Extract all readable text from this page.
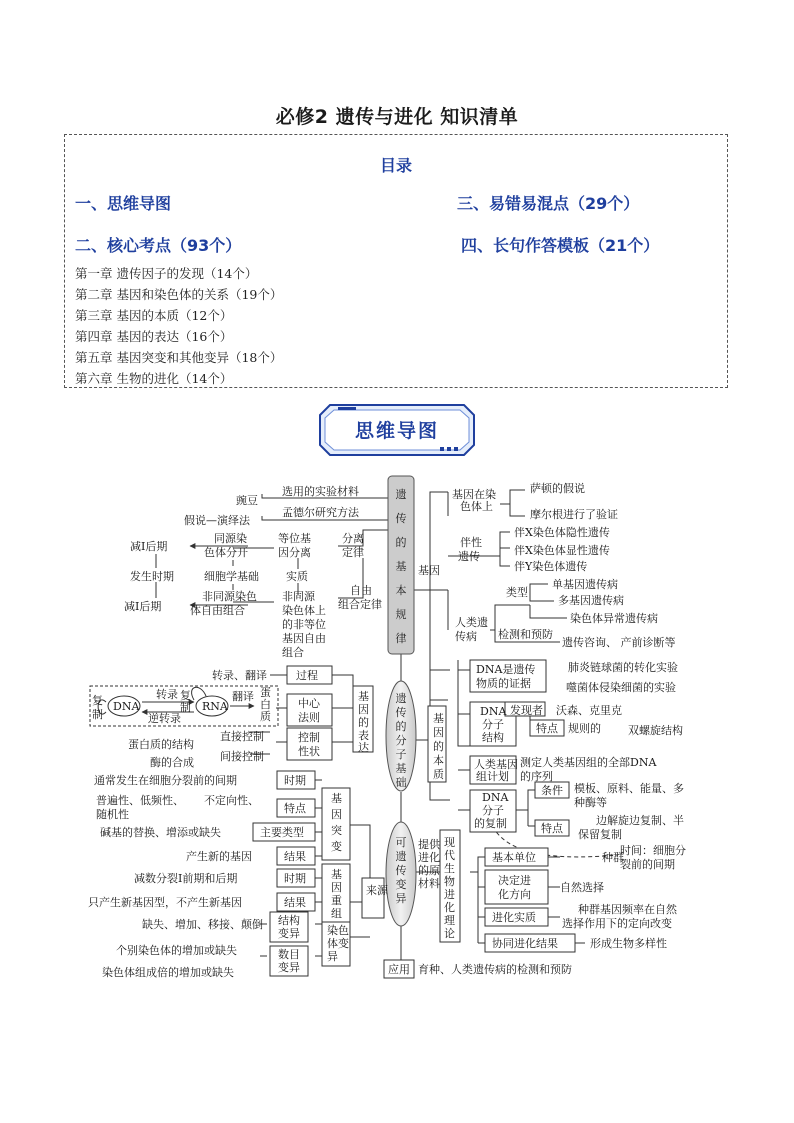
必修2 遗传与进化 知识清单
目录
一、思维导图
二、核心考点（93个）
三、易错易混点（29个）
四、长句作答模板（21个）
第一章 遗传因子的发现（14个）
第二章 基因和染色体的关系（19个）
第三章 基因的本质（12个）
第四章 基因的表达（16个）
第五章 基因突变和其他变异（18个）
第六章 生物的进化（14个）
思维导图
遗
传
的
基
本
规
律
遗
传
的
分
子
基
础
可
遗
传
变
异
选用的实验材料
豌豆
孟德尔研究方法
假说—演绎法
分离
定律
自由
组合定律
等位基
因分离
同源染
色体分开
细胞学基础 实质
非同源染色
体自由组合
非同源
染色体上
的非等位
基因自由
组合
减Ⅰ后期
发生时期
减Ⅰ后期
基因
基因在染
色体上
萨顿的假说
摩尔根进行了验证
伴性
遗传
伴X染色体隐性遗传
伴X染色体显性遗传
伴Y染色体遗传
人类遗
传病
类型
单基因遗传病
多基因遗传病
染色体异常遗传病
检测和预防
遗传咨询、 产前诊断等
过程
转录、翻译
中心
法则
控制
性状
基
因
的
表
达
复
制
DNA
转录
逆转录
复
制 RNA
翻译 蛋
白
质
直接控制
间接控制
蛋白质的结构
酶的合成
基
因
的
本
质
DNA是遗传
物质的证据
肺炎链球菌的转化实验
噬菌体侵染细菌的实验
DNA
分子
结构
发现者 沃森、克里克
特点 规则的 双螺旋结构
人类基因
组计划
测定人类基因组的全部DNA
的序列
DNA
分子
的复制
条件 模板、原料、能量、多
种酶等
特点
边解旋边复制、半
保留复制
时间：细胞分
裂前的间期
基
因
突
变
时期
通常发生在细胞分裂前的间期
特点
普遍性、低频性、
随机性
不定向性、
主要类型
碱基的替换、增添或缺失
结果
产生新的基因
来源
基
因
重
组
时期
减数分裂Ⅰ前期和后期
结果
只产生新基因型，不产生新基因
染色
体变
异
结构
变异
缺失、增加、移接、颠倒
数目
变异
个别染色体的增加或缺失
染色体组成倍的增加或缺失
提供
进化
的原
材料
现
代
生
物
进
化
理
论
基本单位	种群
决定进
化方向
自然选择
进化实质
种群基因频率在自然
选择作用下的定向改变
协同进化结果	形成生物多样性
应用 育种、人类遗传病的检测和预防
